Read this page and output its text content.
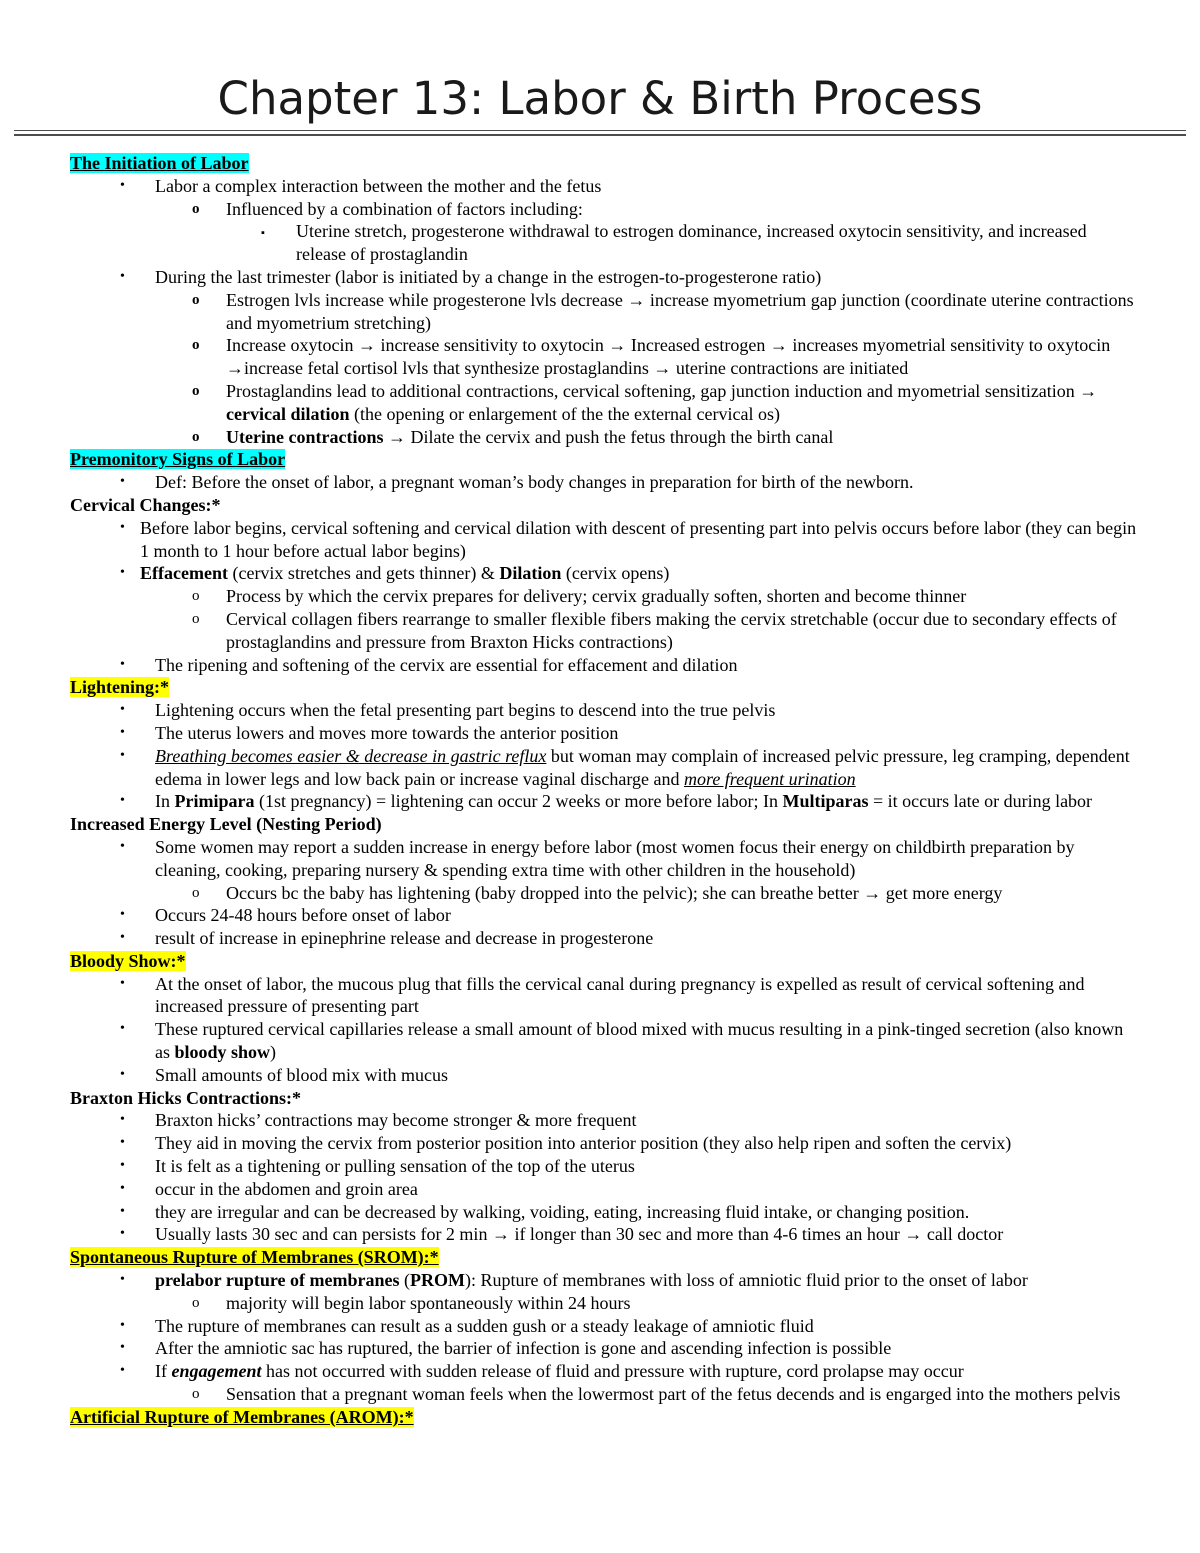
Chapter 13: Labor & Birth Process
The Initiation of Labor
• Labor a complex interaction between the mother and the fetus
o Influenced by a combination of factors including:
▪ Uterine stretch, progesterone withdrawal to estrogen dominance, increased oxytocin sensitivity, and increased release of prostaglandin
• During the last trimester (labor is initiated by a change in the estrogen-to-progesterone ratio)
o Estrogen lvls increase while progesterone lvls decrease → increase myometrium gap junction (coordinate uterine contractions and myometrium stretching)
o Increase oxytocin → increase sensitivity to oxytocin → Increased estrogen → increases myometrial sensitivity to oxytocin →increase fetal cortisol lvls that synthesize prostaglandins → uterine contractions are initiated
o Prostaglandins lead to additional contractions, cervical softening, gap junction induction and myometrial sensitization → cervical dilation (the opening or enlargement of the the external cervical os)
o Uterine contractions → Dilate the cervix and push the fetus through the birth canal
Premonitory Signs of Labor
• Def: Before the onset of labor, a pregnant woman’s body changes in preparation for birth of the newborn.
Cervical Changes:*
• Before labor begins, cervical softening and cervical dilation with descent of presenting part into pelvis occurs before labor (they can begin 1 month to 1 hour before actual labor begins)
• Effacement (cervix stretches and gets thinner) & Dilation (cervix opens)
o Process by which the cervix prepares for delivery; cervix gradually soften, shorten and become thinner
o Cervical collagen fibers rearrange to smaller flexible fibers making the cervix stretchable (occur due to secondary effects of prostaglandins and pressure from Braxton Hicks contractions)
• The ripening and softening of the cervix are essential for effacement and dilation
Lightening:*
• Lightening occurs when the fetal presenting part begins to descend into the true pelvis
• The uterus lowers and moves more towards the anterior position
• Breathing becomes easier & decrease in gastric reflux but woman may complain of increased pelvic pressure, leg cramping, dependent edema in lower legs and low back pain or increase vaginal discharge and more frequent urination
• In Primipara (1st pregnancy) = lightening can occur 2 weeks or more before labor; In Multiparas = it occurs late or during labor
Increased Energy Level (Nesting Period)
• Some women may report a sudden increase in energy before labor (most women focus their energy on childbirth preparation by cleaning, cooking, preparing nursery & spending extra time with other children in the household)
o Occurs bc the baby has lightening (baby dropped into the pelvic); she can breathe better → get more energy
• Occurs 24-48 hours before onset of labor
• result of increase in epinephrine release and decrease in progesterone
Bloody Show:*
• At the onset of labor, the mucous plug that fills the cervical canal during pregnancy is expelled as result of cervical softening and increased pressure of presenting part
• These ruptured cervical capillaries release a small amount of blood mixed with mucus resulting in a pink-tinged secretion (also known as bloody show)
• Small amounts of blood mix with mucus
Braxton Hicks Contractions:*
• Braxton hicks’ contractions may become stronger & more frequent
• They aid in moving the cervix from posterior position into anterior position (they also help ripen and soften the cervix)
• It is felt as a tightening or pulling sensation of the top of the uterus
• occur in the abdomen and groin area
• they are irregular and can be decreased by walking, voiding, eating, increasing fluid intake, or changing position.
• Usually lasts 30 sec and can persists for 2 min → if longer than 30 sec and more than 4-6 times an hour → call doctor
Spontaneous Rupture of Membranes (SROM):*
• prelabor rupture of membranes (PROM): Rupture of membranes with loss of amniotic fluid prior to the onset of labor
o majority will begin labor spontaneously within 24 hours
• The rupture of membranes can result as a sudden gush or a steady leakage of amniotic fluid
• After the amniotic sac has ruptured, the barrier of infection is gone and ascending infection is possible
• If engagement has not occurred with sudden release of fluid and pressure with rupture, cord prolapse may occur
o Sensation that a pregnant woman feels when the lowermost part of the fetus decends and is engarged into the mothers pelvis
Artificial Rupture of Membranes (AROM):*
